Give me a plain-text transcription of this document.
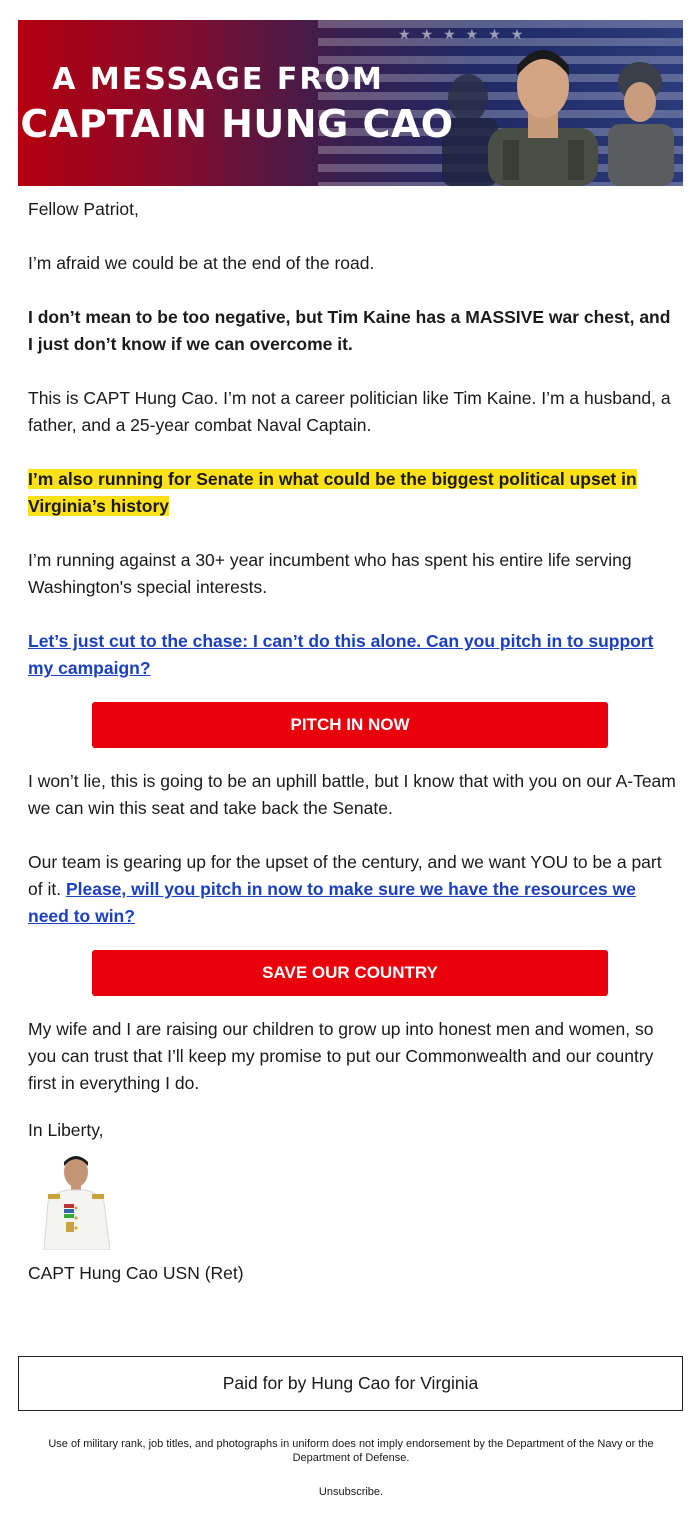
★★★★★★
A MESSAGE FROM
CAPTAIN HUNG CAO

Fellow Patriot,

I’m afraid we could be at the end of the road.

I don’t mean to be too negative, but Tim Kaine has a MASSIVE war chest, and I just don’t know if we can overcome it.

This is CAPT Hung Cao. I’m not a career politician like Tim Kaine. I’m a husband, a father, and a 25-year combat Naval Captain.

I’m also running for Senate in what could be the biggest political upset in Virginia’s history

I’m running against a 30+ year incumbent who has spent his entire life serving Washington's special interests.

Let’s just cut to the chase: I can’t do this alone. Can you pitch in to support my campaign?

PITCH IN NOW

I won’t lie, this is going to be an uphill battle, but I know that with you on our A-Team we can win this seat and take back the Senate.

Our team is gearing up for the upset of the century, and we want YOU to be a part of it. Please, will you pitch in now to make sure we have the resources we need to win?

SAVE OUR COUNTRY

My wife and I are raising our children to grow up into honest men and women, so you can trust that I’ll keep my promise to put our Commonwealth and our country first in everything I do.

In Liberty,

CAPT Hung Cao USN (Ret)

Paid for by Hung Cao for Virginia
Use of military rank, job titles, and photographs in uniform does not imply endorsement by the Department of the Navy or the Department of Defense.
Unsubscribe.
